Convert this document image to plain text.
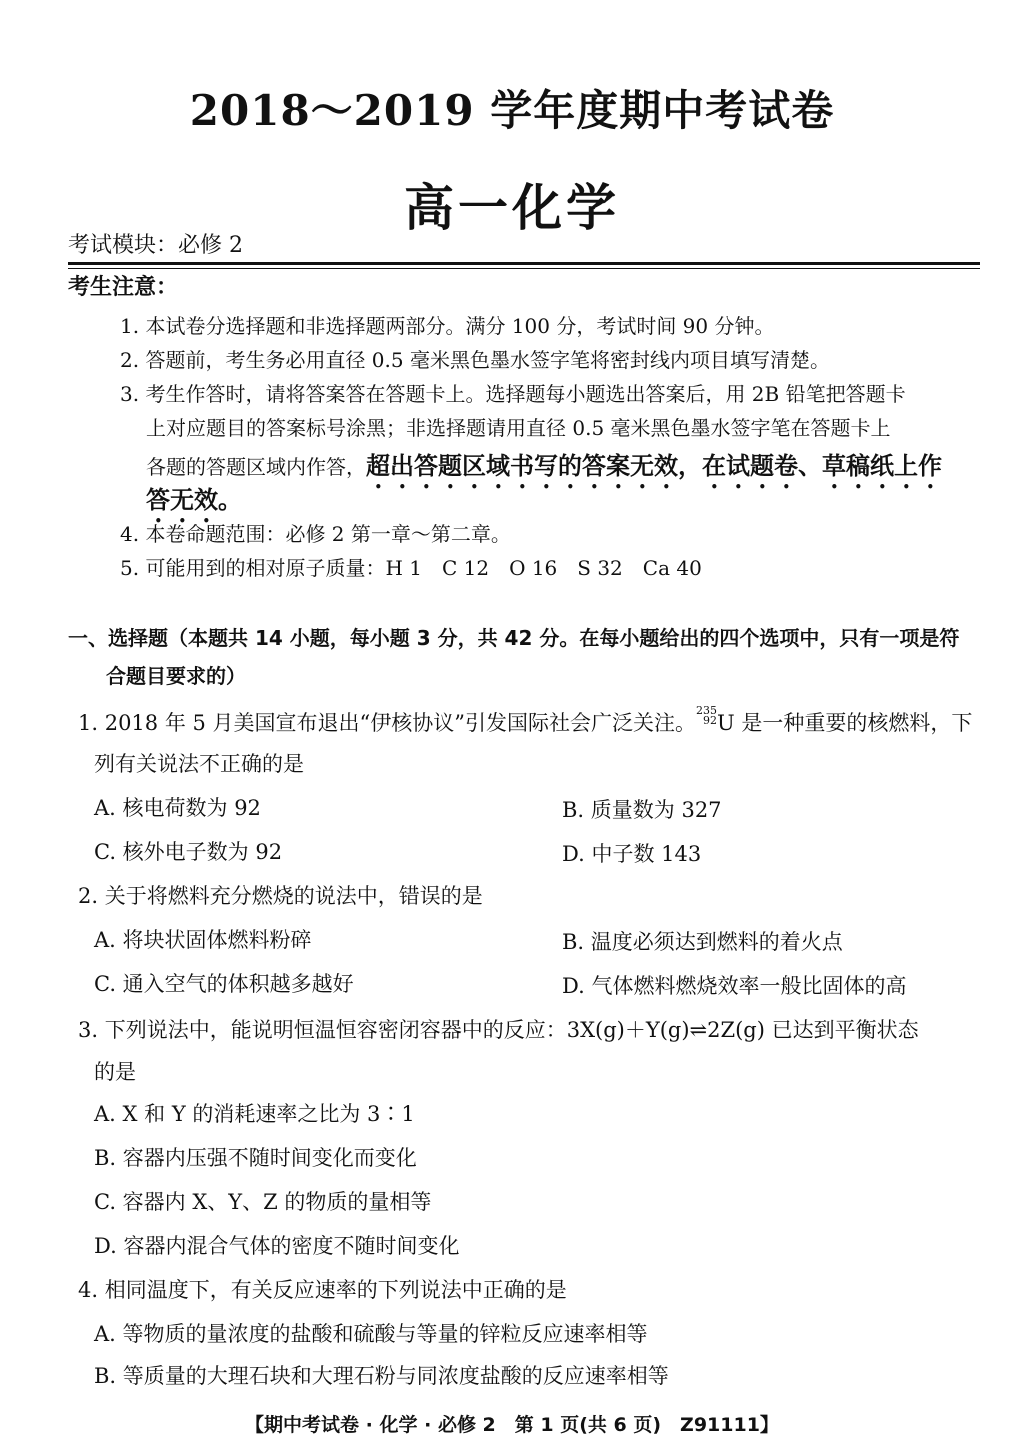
2018～2019 学年度期中考试卷
高一化学
考试模块：必修 2
考生注意：
1. 本试卷分选择题和非选择题两部分。满分 100 分，考试时间 90 分钟。
2. 答题前，考生务必用直径 0.5 毫米黑色墨水签字笔将密封线内项目填写清楚。
3. 考生作答时，请将答案答在答题卡上。选择题每小题选出答案后，用 2B 铅笔把答题卡
上对应题目的答案标号涂黑；非选择题请用直径 0.5 毫米黑色墨水签字笔在答题卡上
各题的答题区域内作答，超出答题区域书写的答案无效，在试题卷、草稿纸上作
答无效。
4. 本卷命题范围：必修 2 第一章～第二章。
5. 可能用到的相对原子质量：H 1　C 12　O 16　S 32　Ca 40
一、选择题（本题共 14 小题，每小题 3 分，共 42 分。在每小题给出的四个选项中，只有一项是符
合题目要求的）
1. 2018 年 5 月美国宣布退出“伊核协议”引发国际社会广泛关注。
$^{235 92}$ U 是一种重要的核燃料，下
列有关说法不正确的是
A. 核电荷数为 92	B. 质量数为 327
C. 核外电子数为 92	D. 中子数 143
2. 关于将燃料充分燃烧的说法中，错误的是
A. 将块状固体燃料粉碎	B. 温度必须达到燃料的着火点
C. 通入空气的体积越多越好	D. 气体燃料燃烧效率一般比固体的高
3. 下列说法中，能说明恒温恒容密闭容器中的反应：3X(g)＋Y(g)⇌2Z(g) 已达到平衡状态
的是
A. X 和 Y 的消耗速率之比为 3∶1
B. 容器内压强不随时间变化而变化
C. 容器内 X、Y、Z 的物质的量相等
D. 容器内混合气体的密度不随时间变化
4. 相同温度下，有关反应速率的下列说法中正确的是
A. 等物质的量浓度的盐酸和硫酸与等量的锌粒反应速率相等
B. 等质量的大理石块和大理石粉与同浓度盐酸的反应速率相等
【期中考试卷 · 化学 · 必修 2　第 1 页(共 6 页)　Z91111】
